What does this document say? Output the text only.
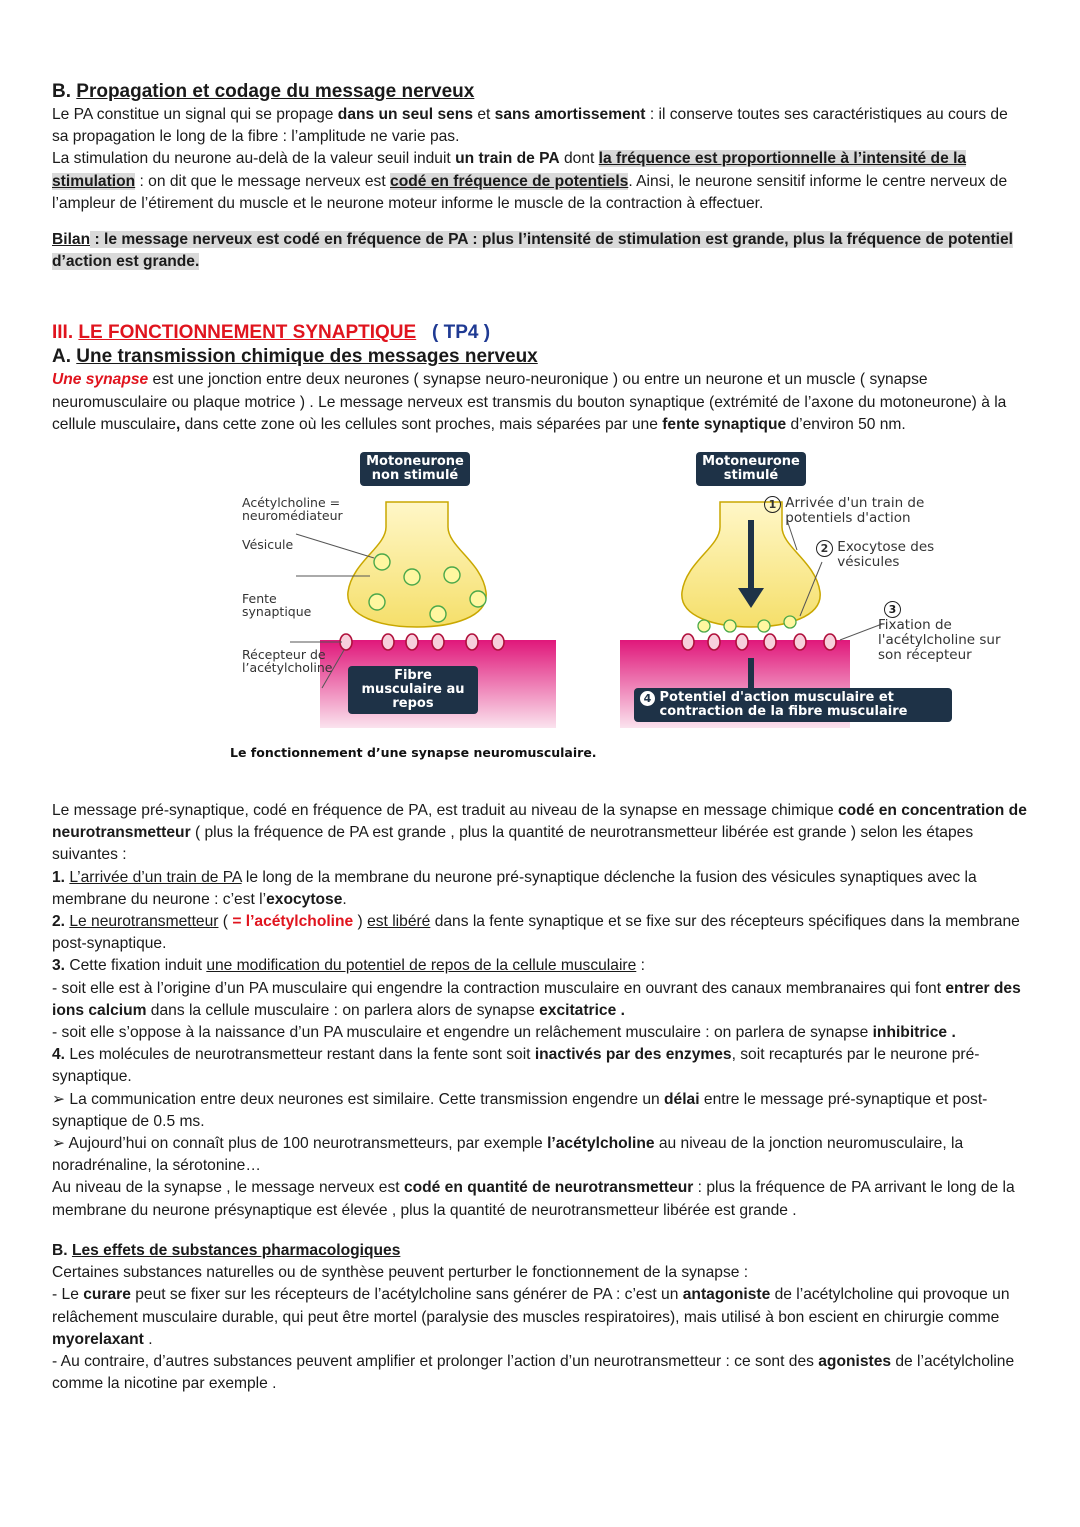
B. Propagation et codage du message nerveux

Le PA constitue un signal qui se propage dans un seul sens et sans amortissement : il conserve toutes ses caractéristiques au cours de sa propagation le long de la fibre : l’amplitude ne varie pas.

La stimulation du neurone au-delà de la valeur seuil induit un train de PA dont la fréquence est proportionnelle à l’intensité de la stimulation : on dit que le message nerveux est codé en fréquence de potentiels. Ainsi, le neurone sensitif informe le centre nerveux de l’ampleur de l’étirement du muscle et le neurone moteur informe le muscle de la contraction à effectuer.

Bilan : le message nerveux est codé en fréquence de PA : plus l’intensité de stimulation est grande, plus la fréquence de potentiel d’action est grande.

III. LE FONCTIONNEMENT SYNAPTIQUE ( TP4 )

A. Une transmission chimique des messages nerveux

Une synapse est une jonction entre deux neurones ( synapse neuro-neuronique ) ou entre un neurone et un muscle ( synapse neuromusculaire ou plaque motrice ) . Le message nerveux est transmis du bouton synaptique (extrémité de l’axone du motoneurone) à la cellule musculaire, dans cette zone où les cellules sont proches, mais séparées par une fente synaptique d’environ 50 nm.

Motoneurone non stimulé
Acétylcholine = neuromédiateur
Vésicule
Fente synaptique
Récepteur de l’acétylcholine
Fibre musculaire au repos
Motoneurone stimulé
1 Arrivée d'un train de potentiels d'action
2 Exocytose des vésicules
3
Fixation de l'acétylcholine sur son récepteur
4 Potentiel d'action musculaire et contraction de la fibre musculaire
Le fonctionnement d’une synapse neuromusculaire.

Le message pré-synaptique, codé en fréquence de PA, est traduit au niveau de la synapse en message chimique codé en concentration de neurotransmetteur ( plus la fréquence de PA est grande , plus la quantité de neurotransmetteur libérée est grande ) selon les étapes suivantes :

1. L’arrivée d’un train de PA le long de la membrane du neurone pré-synaptique déclenche la fusion des vésicules synaptiques avec la membrane du neurone : c’est l’exocytose.

2. Le neurotransmetteur ( = l’acétylcholine ) est libéré dans la fente synaptique et se fixe sur des récepteurs spécifiques dans la membrane post-synaptique.

3. Cette fixation induit une modification du potentiel de repos de la cellule musculaire :

- soit elle est à l’origine d’un PA musculaire qui engendre la contraction musculaire en ouvrant des canaux membranaires qui font entrer des ions calcium dans la cellule musculaire : on parlera alors de synapse excitatrice .

- soit elle s’oppose à la naissance d’un PA musculaire et engendre un relâchement musculaire : on parlera de synapse inhibitrice .

4. Les molécules de neurotransmetteur restant dans la fente sont soit inactivés par des enzymes, soit recapturés par le neurone pré-synaptique.

➢ La communication entre deux neurones est similaire. Cette transmission engendre un délai entre le message pré-synaptique et post-synaptique de 0.5 ms.

➢ Aujourd’hui on connaît plus de 100 neurotransmetteurs, par exemple l’acétylcholine au niveau de la jonction neuromusculaire, la noradrénaline, la sérotonine…

Au niveau de la synapse , le message nerveux est codé en quantité de neurotransmetteur : plus la fréquence de PA arrivant le long de la membrane du neurone présynaptique est élevée , plus la quantité de neurotransmetteur libérée est grande .

B. Les effets de substances pharmacologiques

Certaines substances naturelles ou de synthèse peuvent perturber le fonctionnement de la synapse :

- Le curare peut se fixer sur les récepteurs de l’acétylcholine sans générer de PA : c’est un antagoniste de l’acétylcholine qui provoque un relâchement musculaire durable, qui peut être mortel (paralysie des muscles respiratoires), mais utilisé à bon escient en chirurgie comme myorelaxant .

- Au contraire, d’autres substances peuvent amplifier et prolonger l’action d’un neurotransmetteur : ce sont des agonistes de l’acétylcholine comme la nicotine par exemple .
